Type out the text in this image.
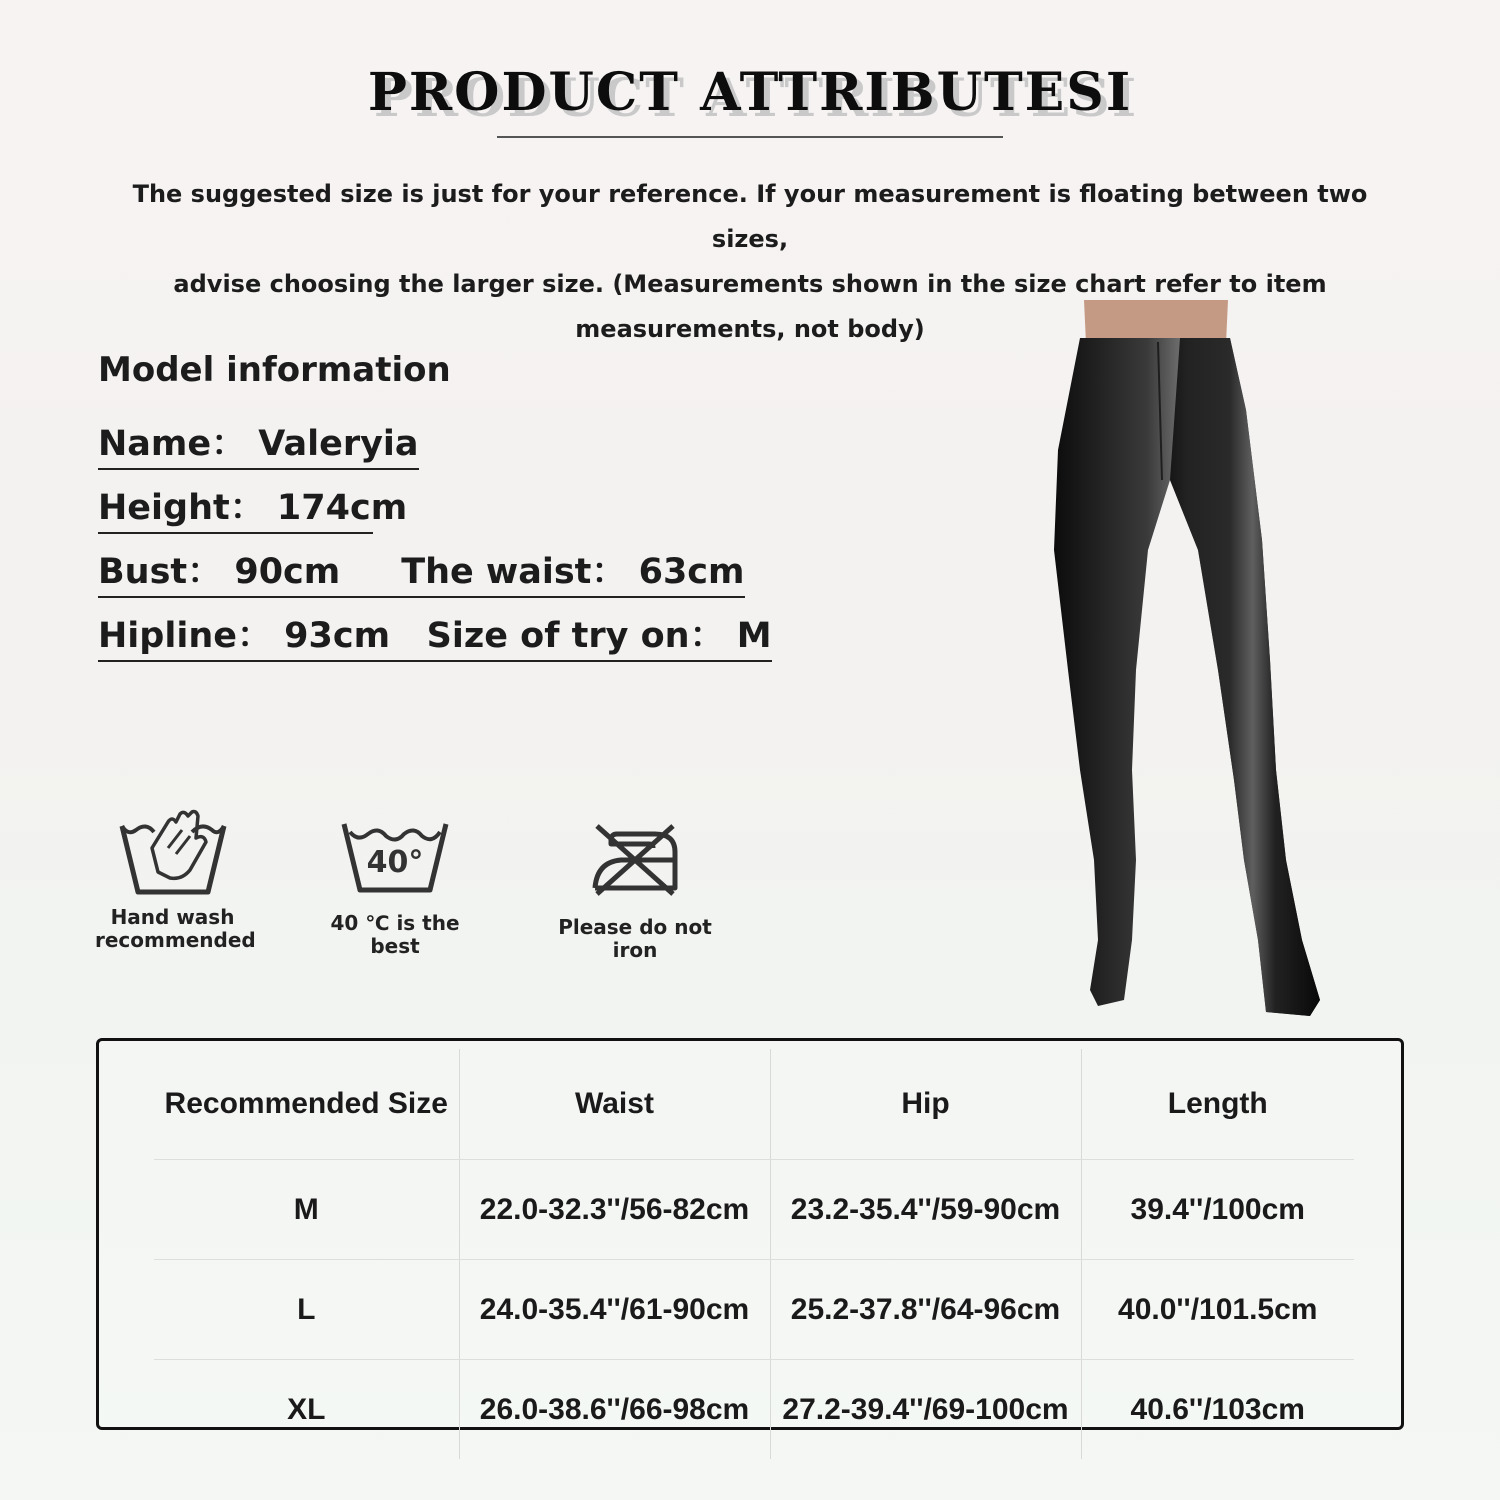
PRODUCT ATTRIBUTESI
The suggested size is just for your reference. If your measurement is floating between two sizes,
advise choosing the larger size. (Measurements shown in the size chart refer to item
measurements, not body)
Model information
Name： Valeryia
Height： 174cm
Bust： 90cm     The waist： 63cm
Hipline： 93cm   Size of try on： M
Hand wash
recommended
40°
40 ℃ is the best
Please do not iron
Recommended Size	Waist	Hip	Length
M	22.0-32.3''/56-82cm	23.2-35.4''/59-90cm	39.4''/100cm
L	24.0-35.4''/61-90cm	25.2-37.8''/64-96cm	40.0''/101.5cm
XL	26.0-38.6''/66-98cm	27.2-39.4''/69-100cm	40.6''/103cm
